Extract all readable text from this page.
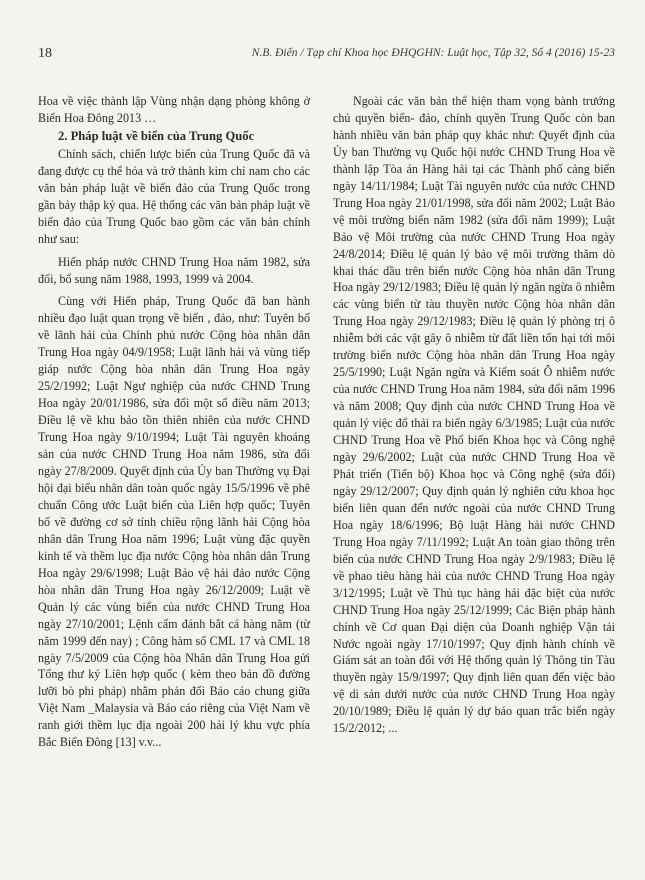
18	N.B. Điển / Tạp chí Khoa học ĐHQGHN: Luật học, Tập 32, Số 4 (2016) 15-23

Hoa về việc thành lập Vùng nhận dạng phòng không ở Biển Hoa Đông 2013 …

2. Pháp luật về biển của Trung Quốc

Chính sách, chiến lược biển của Trung Quốc đã và đang được cụ thể hóa và trở thành kim chỉ nam cho các văn bản pháp luật về biển đảo của Trung Quốc trong gần bảy thập kỷ qua. Hệ thống các văn bản pháp luật về biển đảo của Trung Quốc bao gồm các văn bản chính như sau:

Hiến pháp nước CHND Trung Hoa năm 1982, sửa đổi, bổ sung năm 1988, 1993, 1999 và 2004.

Cùng với Hiến pháp, Trung Quốc đã ban hành nhiều đạo luật quan trọng về biển , đảo, như: Tuyên bố về lãnh hải của Chính phủ nước Cộng hòa nhân dân Trung Hoa ngày 04/9/1958; Luật lãnh hải và vùng tiếp giáp nước Cộng hòa nhân dân Trung Hoa ngày 25/2/1992; Luật Ngư nghiệp của nước CHND Trung Hoa ngày 20/01/1986, sửa đổi một số điều năm 2013; Điều lệ về khu bảo tồn thiên nhiên của nước CHND Trung Hoa ngày 9/10/1994; Luật Tài nguyên khoáng sản của nước CHND Trung Hoa năm 1986, sửa đổi ngày 27/8/2009. Quyết định của Ủy ban Thường vụ Đại hội đại biểu nhân dân toàn quốc ngày 15/5/1996 về phê chuẩn Công ước Luật biển của Liên hợp quốc; Tuyên bố về đường cơ sở tính chiều rộng lãnh hải Cộng hòa nhân dân Trung Hoa năm 1996; Luật vùng đặc quyền kinh tế và thềm lục địa nước Cộng hòa nhân dân Trung Hoa ngày 29/6/1998; Luật Bảo vệ hải đảo nước Cộng hòa nhân dân Trung Hoa ngày 26/12/2009; Luật về Quản lý các vùng biển của nước CHND Trung Hoa ngày 27/10/2001; Lệnh cấm đánh bắt cá hàng năm (từ năm 1999 đến nay) ; Công hàm số CML 17 và CML 18 ngày 7/5/2009 của Cộng hòa Nhân dân Trung Hoa gửi Tổng thư ký Liên hợp quốc ( kèm theo bản đồ đường lưỡi bò phi pháp) nhằm phản đối Báo cáo chung giữa Việt Nam _Malaysia và Báo cáo riêng của Việt Nam về ranh giới thềm lục địa ngoài 200 hải lý khu vực phía Bắc Biển Đông [13] v.v...

Ngoài các văn bản thể hiện tham vọng bành trướng chủ quyền biển- đảo, chính quyền Trung Quốc còn ban hành nhiều văn bản pháp quy khác như: Quyết định của Ủy ban Thường vụ Quốc hội nước CHND Trung Hoa về thành lập Tòa án Hàng hải tại các Thành phố cảng biển ngày 14/11/1984; Luật Tài nguyên nước của nước CHND Trung Hoa ngày 21/01/1998, sửa đổi năm 2002; Luật Bảo vệ môi trường biển năm 1982 (sửa đổi năm 1999); Luật Bảo vệ Môi trường của nước CHND Trung Hoa ngày 24/8/2014; Điều lệ quản lý bảo vệ môi trường thăm dò khai thác dầu trên biển nước Cộng hòa nhân dân Trung Hoa ngày 29/12/1983; Điều lệ quản lý ngăn ngừa ô nhiễm các vùng biển từ tàu thuyền nước Cộng hòa nhân dân Trung Hoa ngày 29/12/1983; Điều lệ quản lý phòng trị ô nhiễm bởi các vật gây ô nhiễm từ đất liền tổn hại tới môi trường biển nước Cộng hòa nhân dân Trung Hoa ngày 25/5/1990; Luật Ngăn ngừa và Kiểm soát Ô nhiễm nước của nước CHND Trung Hoa năm 1984, sửa đổi năm 1996 và năm 2008; Quy định của nước CHND Trung Hoa về quản lý việc đổ thải ra biển ngày 6/3/1985; Luật của nước CHND Trung Hoa về Phổ biến Khoa học và Công nghệ ngày 29/6/2002; Luật của nước CHND Trung Hoa về Phát triển (Tiến bộ) Khoa học và Công nghệ (sửa đổi) ngày 29/12/2007; Quy định quản lý nghiên cứu khoa học biển liên quan đến nước ngoài của nước CHND Trung Hoa ngày 18/6/1996; Bộ luật Hàng hải nước CHND Trung Hoa ngày 7/11/1992; Luật An toàn giao thông trên biển của nước CHND Trung Hoa ngày 2/9/1983; Điều lệ về phao tiêu hàng hải của nước CHND Trung Hoa ngày 3/12/1995; Luật về Thủ tục hàng hải đặc biệt của nước CHND Trung Hoa ngày 25/12/1999; Các Biện pháp hành chính về Cơ quan Đại diện của Doanh nghiệp Vận tải Nước ngoài ngày 17/10/1997; Quy định hành chính về Giám sát an toàn đối với Hệ thống quản lý Thông tin Tàu thuyền ngày 15/9/1997; Quy định liên quan đến việc bảo vệ di sản dưới nước của nước CHND Trung Hoa ngày 20/10/1989; Điều lệ quản lý dự báo quan trắc biển ngày 15/2/2012; ...
